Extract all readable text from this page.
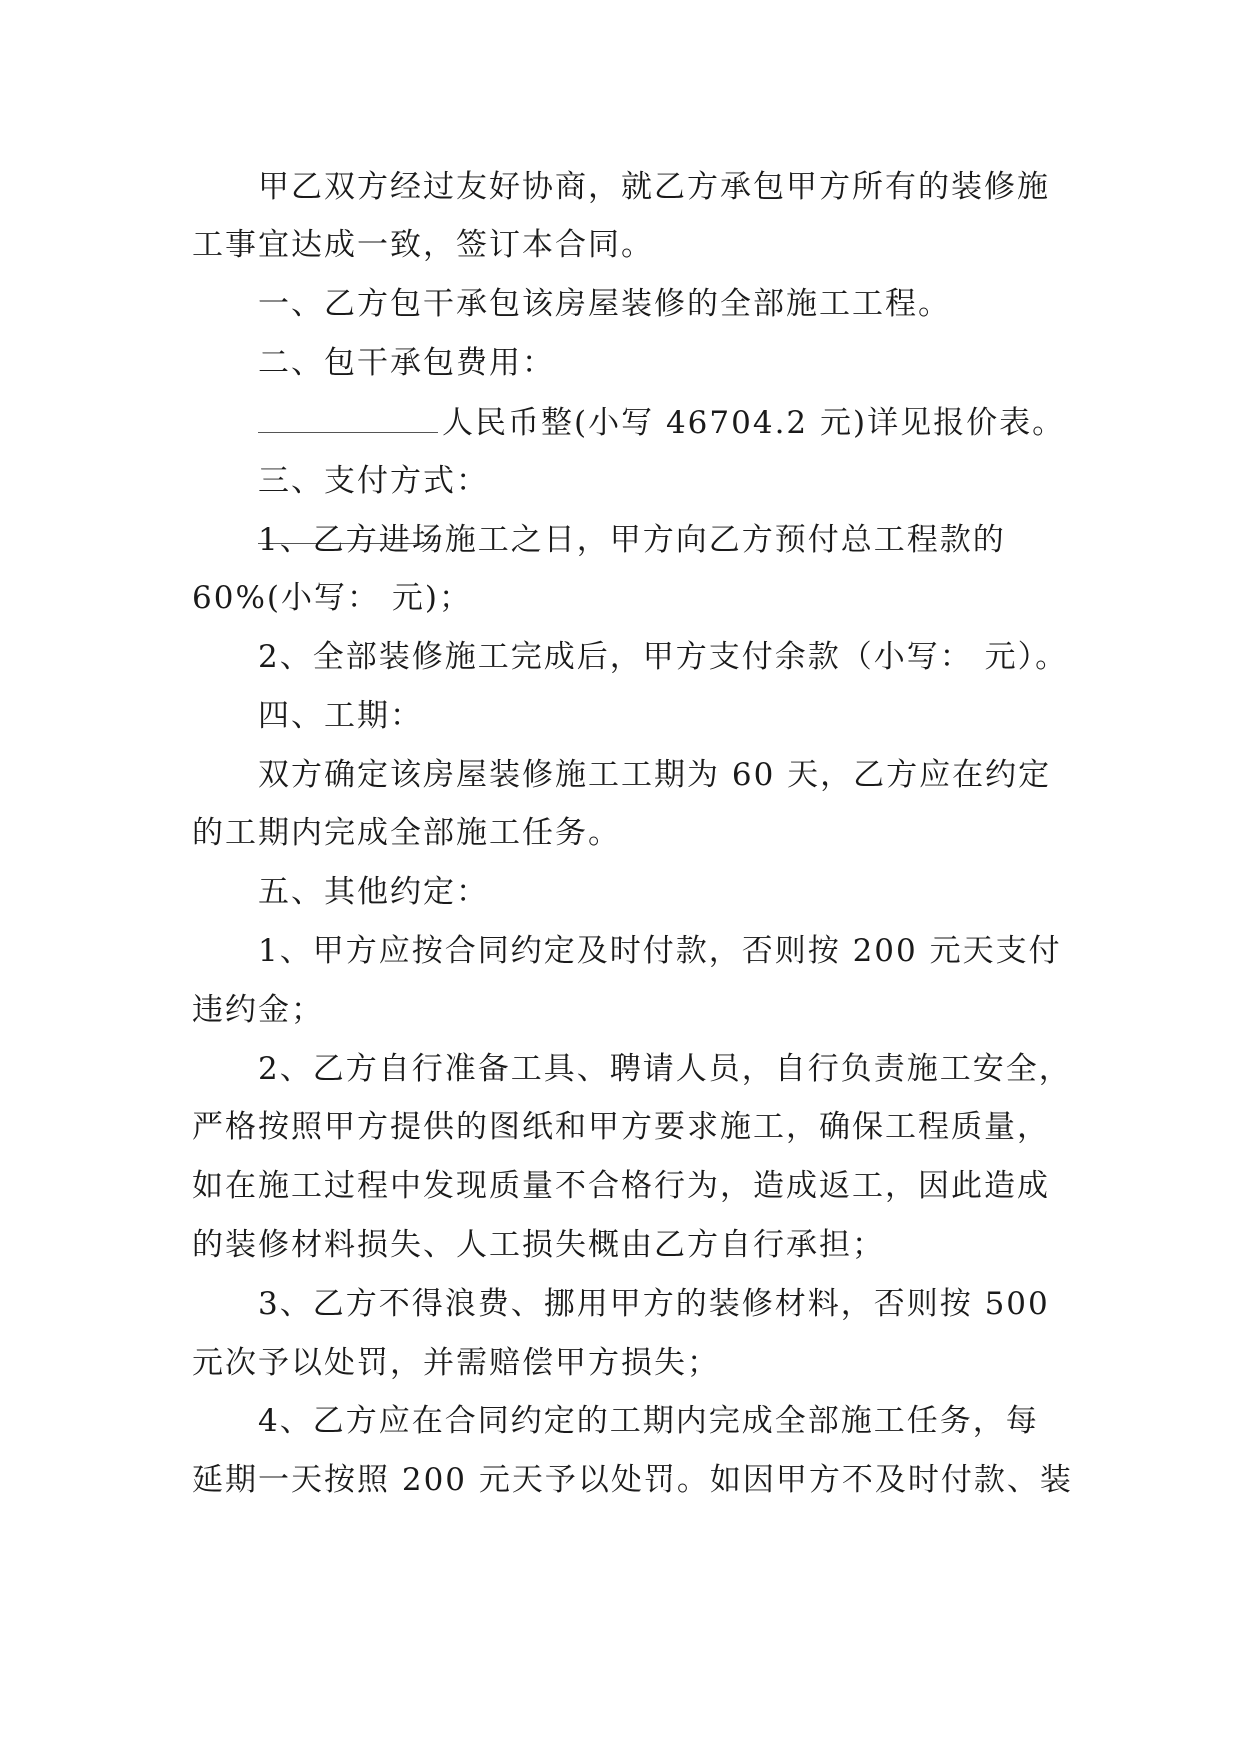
甲乙双方经过友好协商，就乙方承包甲方所有的装修施
工事宜达成一致，签订本合同。
一、乙方包干承包该房屋装修的全部施工工程。
二、包干承包费用：
人民币整(小写 46704.2 元)详见报价表。
三、支付方式：
1、乙方进场施工之日，甲方向乙方预付总工程款的
60%(小写： 元)；
2、全部装修施工完成后，甲方支付余款（小写： 元）。
四、工期：
双方确定该房屋装修施工工期为 60 天，乙方应在约定
的工期内完成全部施工任务。
五、其他约定：
1、甲方应按合同约定及时付款，否则按 200 元天支付
违约金；
2、乙方自行准备工具、聘请人员，自行负责施工安全，
严格按照甲方提供的图纸和甲方要求施工，确保工程质量，
如在施工过程中发现质量不合格行为，造成返工，因此造成
的装修材料损失、人工损失概由乙方自行承担；
3、乙方不得浪费、挪用甲方的装修材料，否则按 500
元次予以处罚，并需赔偿甲方损失；
4、乙方应在合同约定的工期内完成全部施工任务，每
延期一天按照 200 元天予以处罚。如因甲方不及时付款、装
